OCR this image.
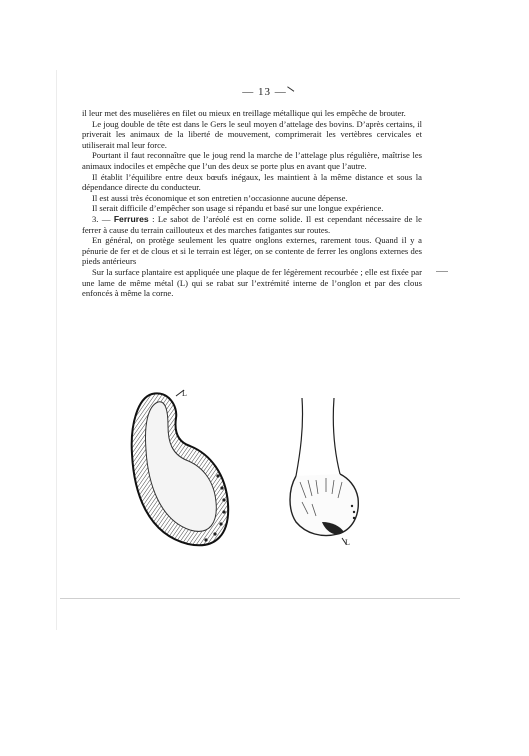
— 13 —

il leur met des muselières en filet ou mieux en treillage métallique qui les empêche de brouter.

Le joug double de tête est dans le Gers le seul moyen d’attelage des bovins. D’après certains, il priverait les animaux de la liberté de mouvement, comprimerait les vertèbres cervicales et utiliserait mal leur force.

Pourtant il faut reconnaître que le joug rend la marche de l’attelage plus régulière, maîtrise les animaux indociles et empêche que l’un des deux se porte plus en avant que l’autre.

Il établit l’équilibre entre deux bœufs inégaux, les maintient à la même distance et sous la dépendance directe du conducteur.

Il est aussi très économique et son entretien n’occasionne aucune dépense.

Il serait difficile d’empêcher son usage si répandu et basé sur une longue expérience.

3. — Ferrures : Le sabot de l’aréolé est en corne solide. Il est cependant nécessaire de le ferrer à cause du terrain caillouteux et des marches fatigantes sur routes.

En général, on protège seulement les quatre onglons externes, rarement tous. Quand il y a pénurie de fer et de clous et si le terrain est léger, on se contente de ferrer les onglons externes des pieds antérieurs

Sur la surface plantaire est appliquée une plaque de fer légèrement recourbée ; elle est fixée par une lame de même métal (L) qui se rabat sur l’extrémité interne de l’onglon et par des clous enfoncés à même la corne.

L
L
